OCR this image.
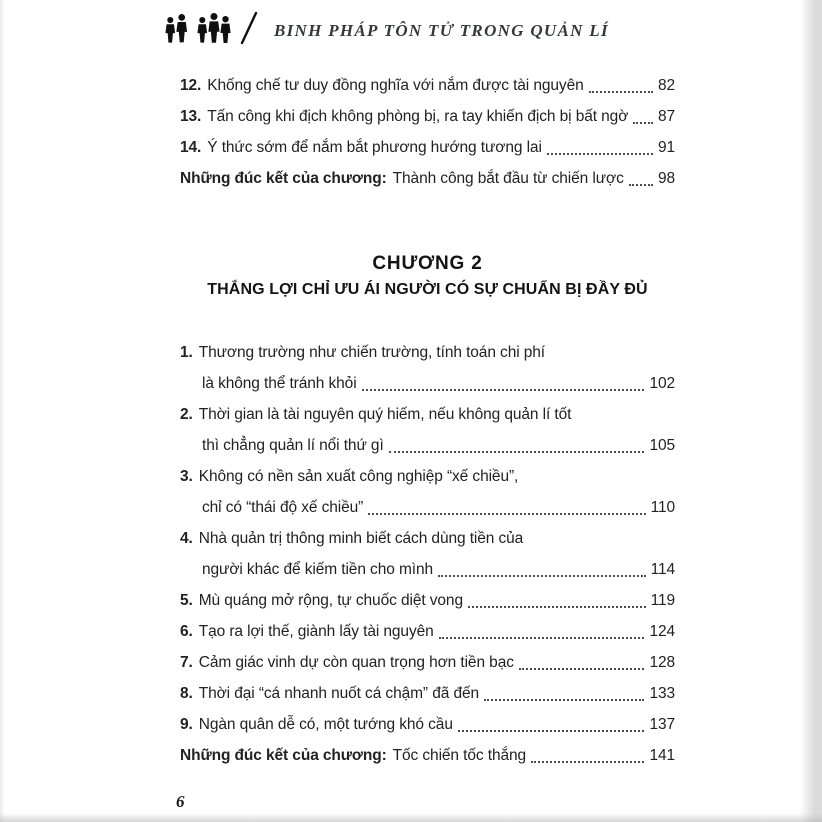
BINH PHÁP TÔN TỬ TRONG QUẢN LÍ
12. Khống chế tư duy đồng nghĩa với nắm được tài nguyên	82
13. Tấn công khi địch không phòng bị, ra tay khiến địch bị bất ngờ 87
14. Ý thức sớm để nắm bắt phương hướng tương lai	91
Những đúc kết của chương: Thành công bắt đầu từ chiến lược 98
CHƯƠNG 2
THẮNG LỢI CHỈ ƯU ÁI NGƯỜI CÓ SỰ CHUẨN BỊ ĐẦY ĐỦ
1. Thương trường như chiến trường, tính toán chi phí
là không thể tránh khỏi	102
2. Thời gian là tài nguyên quý hiếm, nếu không quản lí tốt
thì chẳng quản lí nổi thứ gì	105
3. Không có nền sản xuất công nghiệp “xế chiều”,
chỉ có “thái độ xế chiều”	110
4. Nhà quản trị thông minh biết cách dùng tiền của
người khác để kiếm tiền cho mình	114
5. Mù quáng mở rộng, tự chuốc diệt vong	119
6. Tạo ra lợi thế, giành lấy tài nguyên	124
7. Cảm giác vinh dự còn quan trọng hơn tiền bạc	128
8. Thời đại “cá nhanh nuốt cá chậm” đã đến	133
9. Ngàn quân dễ có, một tướng khó cầu	137
Những đúc kết của chương: Tốc chiến tốc thắng	141
6
